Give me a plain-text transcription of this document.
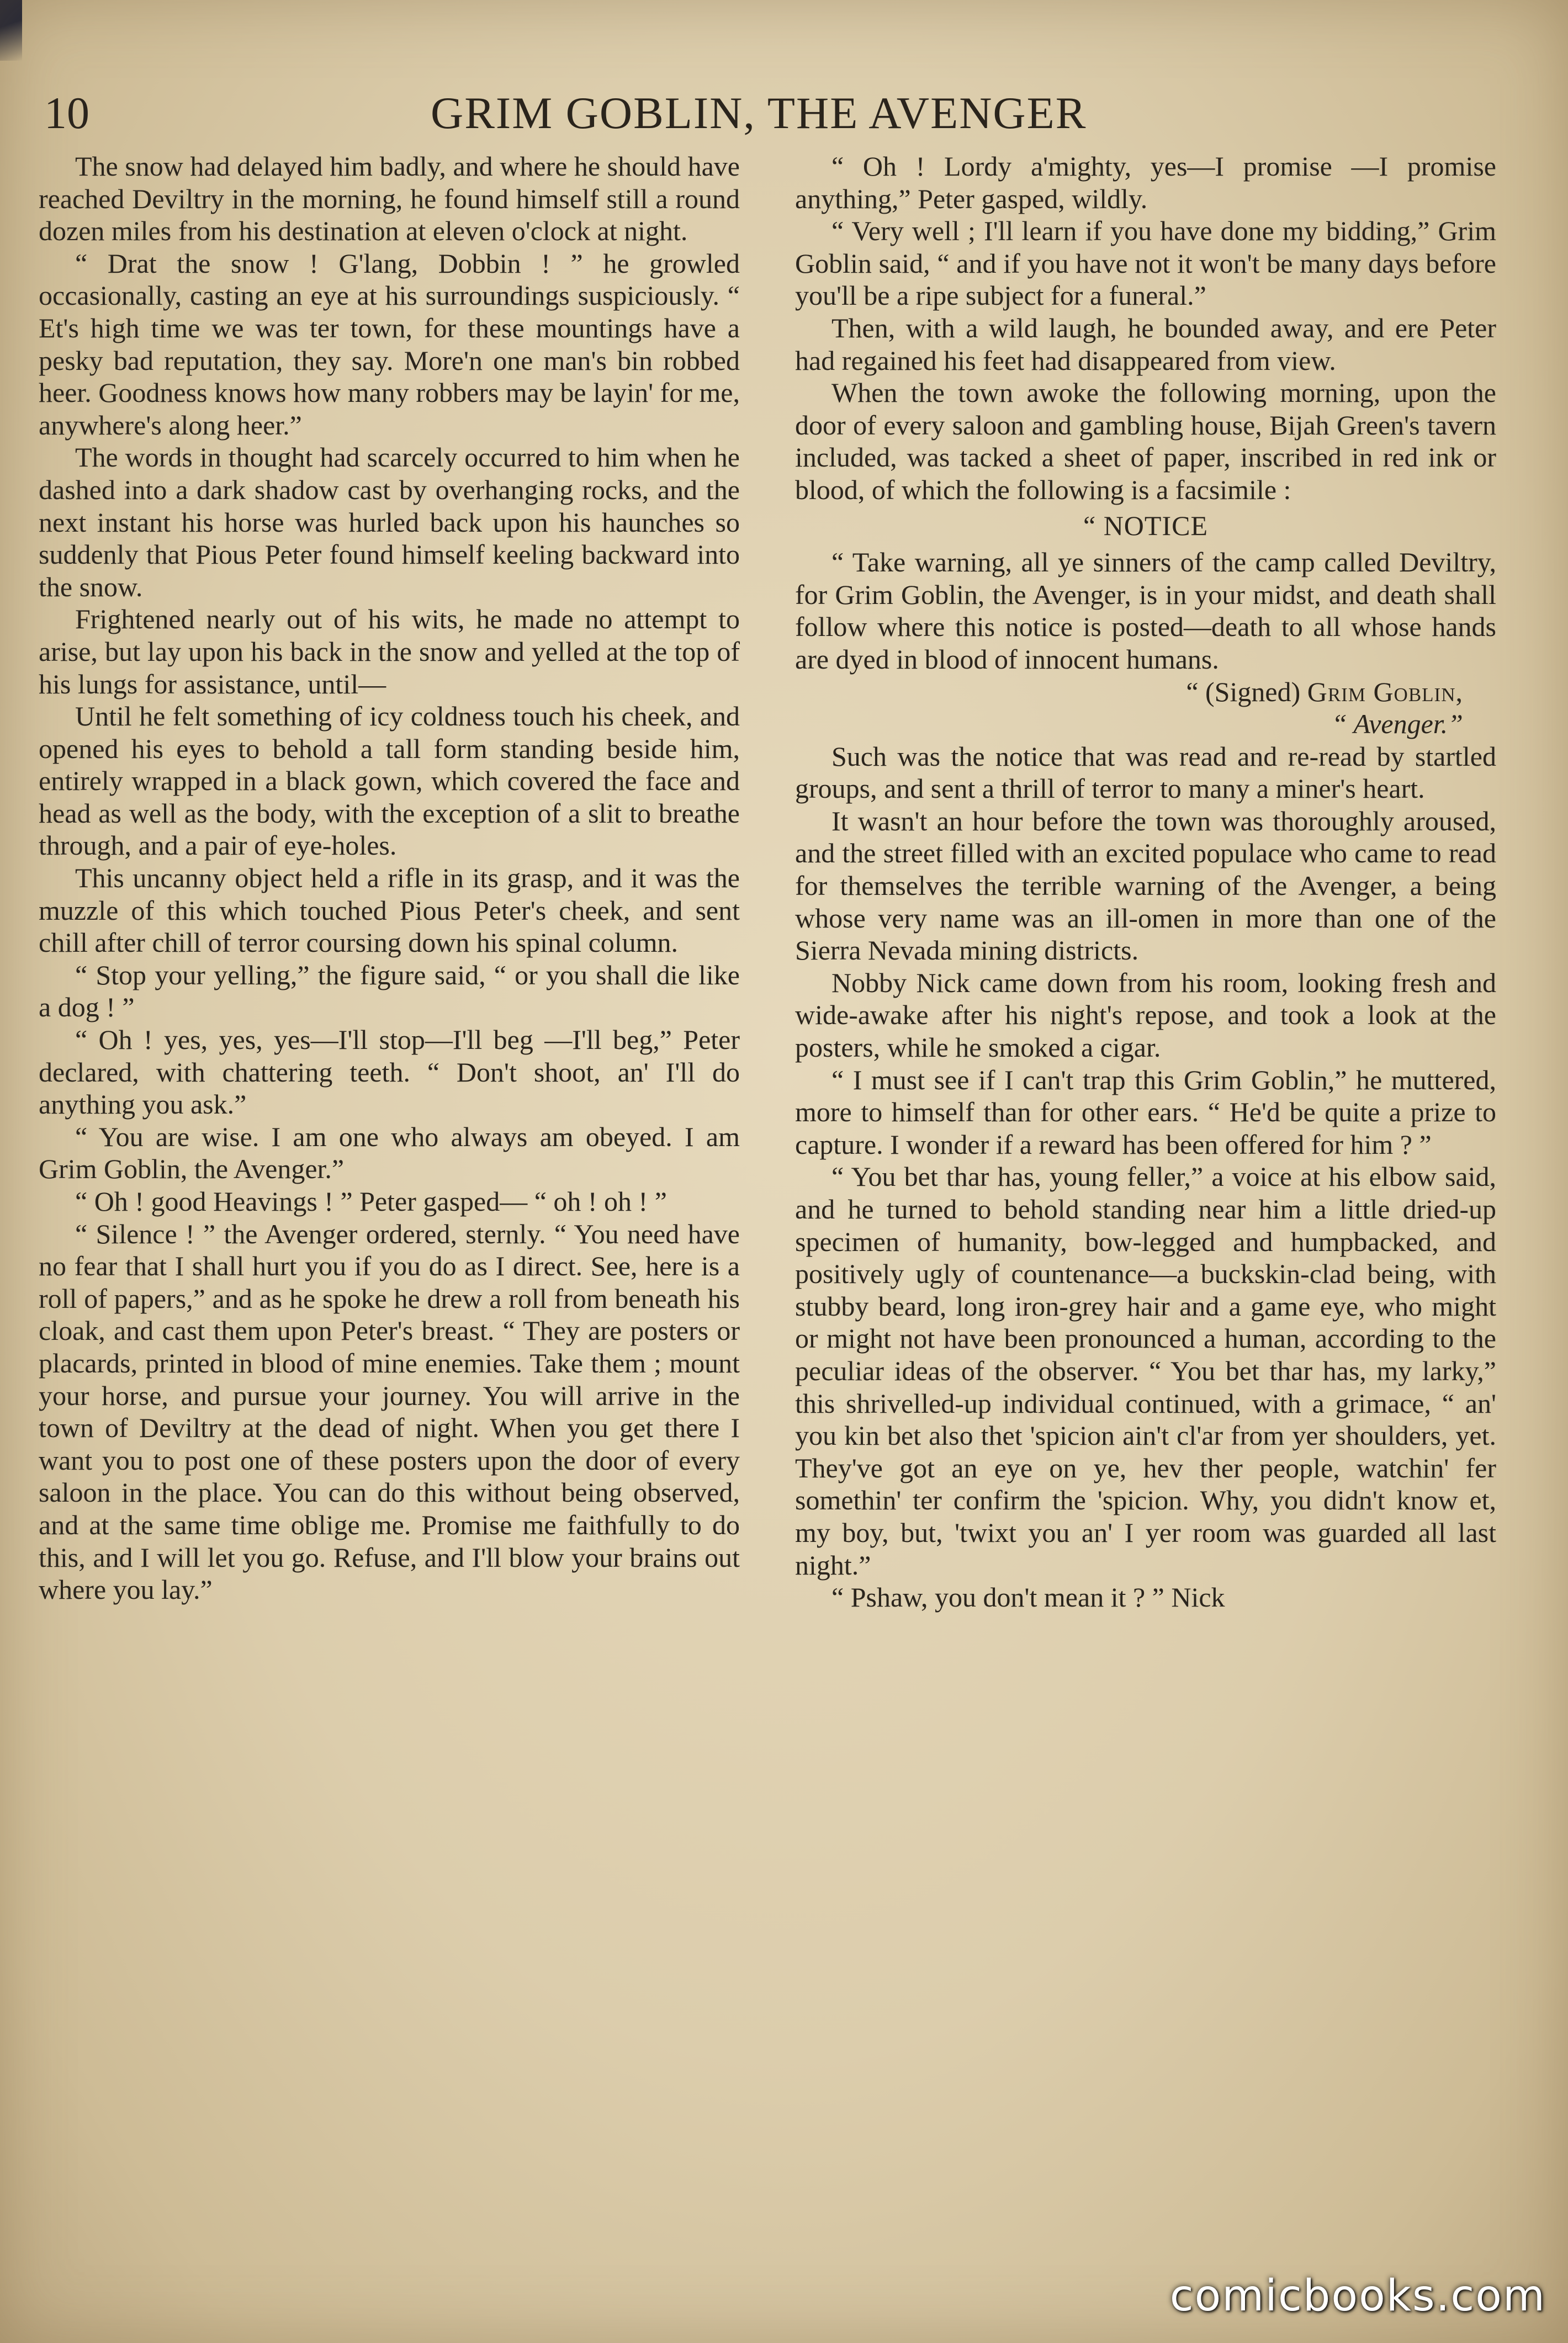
10	GRIM GOBLIN, THE AVENGER

The snow had delayed him badly, and where he should have reached Deviltry in the morning, he found himself still a round dozen miles from his destination at eleven o'clock at night.

“ Drat the snow ! G'lang, Dobbin ! ” he growled occasionally, casting an eye at his surroundings suspiciously. “ Et's high time we was ter town, for these mountings have a pesky bad reputation, they say. More'n one man's bin robbed heer. Goodness knows how many robbers may be layin' for me, anywhere's along heer.”

The words in thought had scarcely occurred to him when he dashed into a dark shadow cast by overhanging rocks, and the next instant his horse was hurled back upon his haunches so suddenly that Pious Peter found himself keeling backward into the snow.

Frightened nearly out of his wits, he made no attempt to arise, but lay upon his back in the snow and yelled at the top of his lungs for assistance, until—

Until he felt something of icy coldness touch his cheek, and opened his eyes to behold a tall form standing beside him, entirely wrapped in a black gown, which covered the face and head as well as the body, with the exception of a slit to breathe through, and a pair of eye-holes.

This uncanny object held a rifle in its grasp, and it was the muzzle of this which touched Pious Peter's cheek, and sent chill after chill of terror coursing down his spinal column.

“ Stop your yelling,” the figure said, “ or you shall die like a dog ! ”

“ Oh ! yes, yes, yes—I'll stop—I'll beg —I'll beg,” Peter declared, with chattering teeth. “ Don't shoot, an' I'll do anything you ask.”

“ You are wise. I am one who always am obeyed. I am Grim Goblin, the Avenger.”

“ Oh ! good Heavings ! ” Peter gasped— “ oh ! oh ! ”

“ Silence ! ” the Avenger ordered, sternly. “ You need have no fear that I shall hurt you if you do as I direct. See, here is a roll of papers,” and as he spoke he drew a roll from beneath his cloak, and cast them upon Peter's breast. “ They are posters or placards, printed in blood of mine enemies. Take them ; mount your horse, and pursue your journey. You will arrive in the town of Deviltry at the dead of night. When you get there I want you to post one of these posters upon the door of every saloon in the place. You can do this without being observed, and at the same time oblige me. Promise me faithfully to do this, and I will let you go. Refuse, and I'll blow your brains out where you lay.”

“ Oh ! Lordy a'mighty, yes—I promise —I promise anything,” Peter gasped, wildly.

“ Very well ; I'll learn if you have done my bidding,” Grim Goblin said, “ and if you have not it won't be many days before you'll be a ripe subject for a funeral.”

Then, with a wild laugh, he bounded away, and ere Peter had regained his feet had disappeared from view.

When the town awoke the following morning, upon the door of every saloon and gambling house, Bijah Green's tavern included, was tacked a sheet of paper, inscribed in red ink or blood, of which the following is a facsimile :

“ NOTICE

“ Take warning, all ye sinners of the camp called Deviltry, for Grim Goblin, the Avenger, is in your midst, and death shall follow where this notice is posted—death to all whose hands are dyed in blood of innocent humans.

“ (Signed) Grim Goblin,

“ Avenger.”

Such was the notice that was read and re-read by startled groups, and sent a thrill of terror to many a miner's heart.

It wasn't an hour before the town was thoroughly aroused, and the street filled with an excited populace who came to read for themselves the terrible warning of the Avenger, a being whose very name was an ill-omen in more than one of the Sierra Nevada mining districts.

Nobby Nick came down from his room, looking fresh and wide-awake after his night's repose, and took a look at the posters, while he smoked a cigar.

“ I must see if I can't trap this Grim Goblin,” he muttered, more to himself than for other ears. “ He'd be quite a prize to capture. I wonder if a reward has been offered for him ? ”

“ You bet thar has, young feller,” a voice at his elbow said, and he turned to behold standing near him a little dried-up specimen of humanity, bow-legged and humpbacked, and positively ugly of countenance—a buckskin-clad being, with stubby beard, long iron-grey hair and a game eye, who might or might not have been pronounced a human, according to the peculiar ideas of the observer. “ You bet thar has, my larky,” this shrivelled-up individual continued, with a grimace, “ an' you kin bet also thet 'spicion ain't cl'ar from yer shoulders, yet. They've got an eye on ye, hev ther people, watchin' fer somethin' ter confirm the 'spicion. Why, you didn't know et, my boy, but, 'twixt you an' I yer room was guarded all last night.”

“ Pshaw, you don't mean it ? ” Nick

comicbooks.com
